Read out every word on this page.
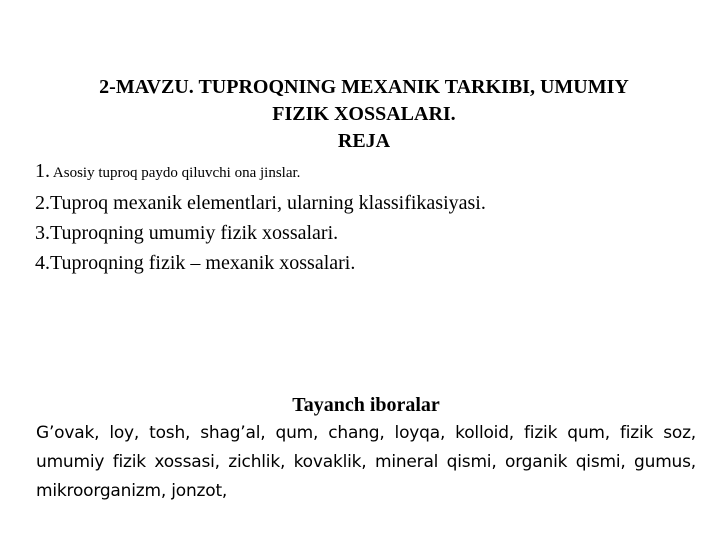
2-MAVZU. TUPROQNING MEXANIK TARKIBI, UMUMIY
FIZIK XOSSALARI.
REJA
1. Asosiy tuproq paydo qiluvchi ona jinslar.
2.Tuproq mexanik elementlari, ularning klassifikasiyasi.
3.Tuproqning umumiy fizik xossalari.
4.Tuproqning fizik – mexanik xossalari.
Tayanch iboralar
G’ovak, loy, tosh, shag’al, qum, chang, loyqa, kolloid, fizik qum, fizik soz, umumiy fizik xossasi, zichlik, kovaklik, mineral qismi, organik qismi, gumus, mikroorganizm, jonzot,
